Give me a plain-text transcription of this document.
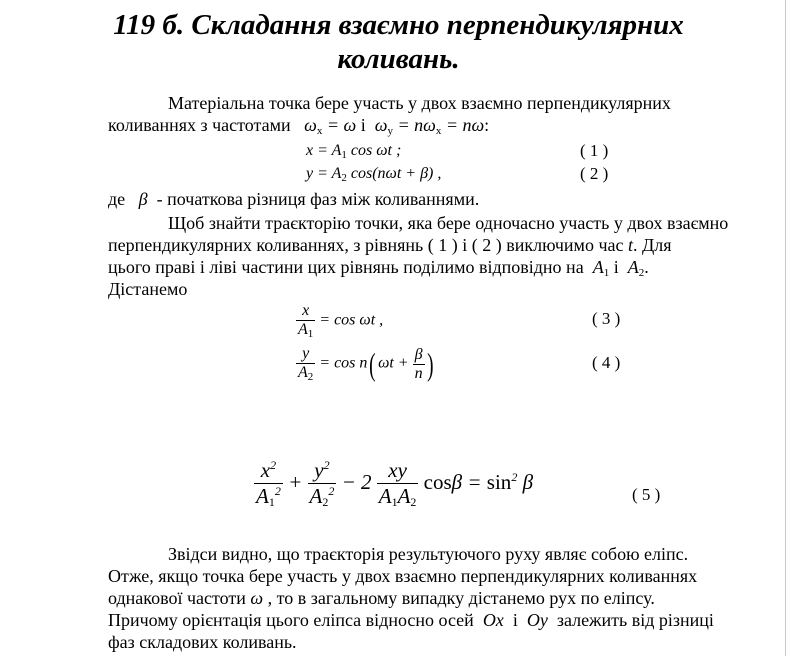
119 б. Складання взаємно перпендикулярних
коливань.
Матеріальна точка бере участь у двох взаємно перпендикулярних
коливаннях з частотами   $\omega_x = \omega$ і  $\omega_y = n\omega_x = n\omega$:
$x = A_1$ cos ωt ;	( 1 )
$y = A_2$ cos(nωt + β) ,	( 2 )
де   β  - початкова різниця фаз між коливаннями.
Щоб знайти траєкторію точки, яка бере одночасно участь у двох взаємно
перпендикулярних коливаннях, з рівнянь ( 1 ) і ( 2 ) виключимо час t. Для
цього праві і ліві частини цих рівнянь поділимо відповідно на  $A_1$ і  $A_2$.
Дістанемо
$\frac{x}{A_1} = \cos \omega t$ ,	( 3 )
$\frac{y}{A_2} = \cos n$( $\omega t + \frac{\beta}{n}$ )	( 4 )
$\frac{x^2}{A_1^2} + \frac{y^2}{A_2^2} - 2 \frac{xy}{A_1A_2}$ $\cos\beta = \sin^2 \beta$
( 5 )
Звідси видно, що траєкторія результуючого руху являє собою еліпс.
Отже, якщо точка бере участь у двох взаємно перпендикулярних коливаннях
однакової частоти ω , то в загальному випадку дістанемо рух по еліпсу.
Причому орієнтація цього еліпса відносно осей  Ox  і  Oy  залежить від різниці
фаз складових коливань.
